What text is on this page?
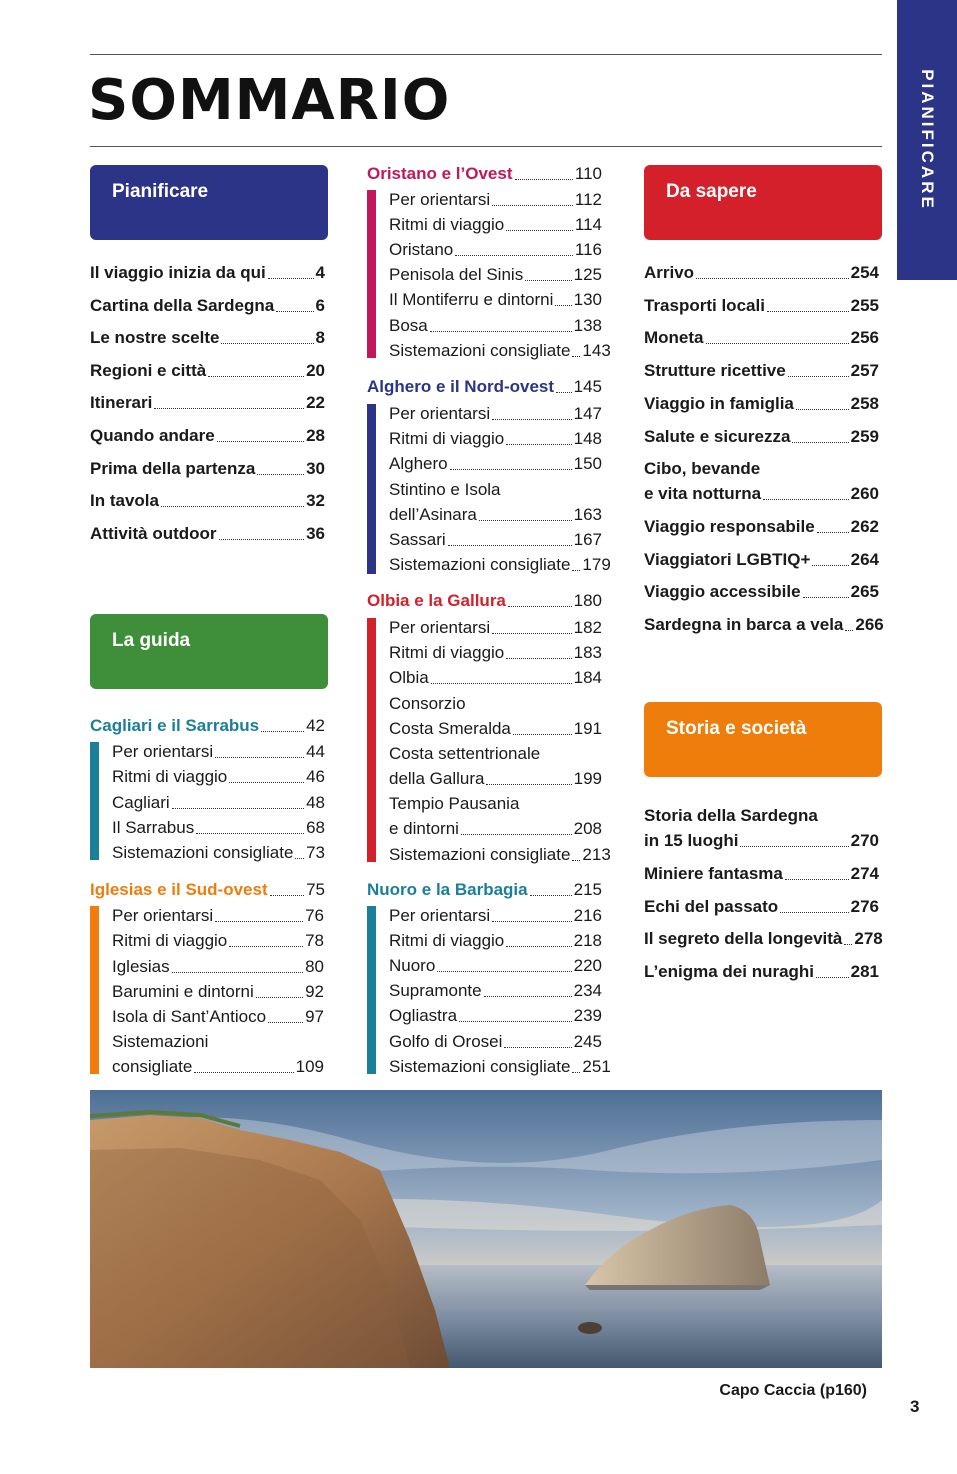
SOMMARIO	PIANIFICARE
Pianificare
Il viaggio inizia da qui	4
Cartina della Sardegna 6
Le nostre scelte	8
Regioni e città	20
Itinerari	22
Quando andare	28
Prima della partenza	30
In tavola	32
Attività outdoor	36
La guida
Cagliari e il Sarrabus	42
Per orientarsi	44
Ritmi di viaggio	46
Cagliari	48
Il Sarrabus	68
Sistemazioni consigliate 73
Iglesias e il Sud-ovest 75
Per orientarsi	76
Ritmi di viaggio	78
Iglesias	80
Barumini e dintorni	92
Isola di Sant’Antioco 97
Sistemazioni
consigliate	109
Oristano e l’Ovest	110
Per orientarsi	112
Ritmi di viaggio	114
Oristano	116
Penisola del Sinis	125
Il Montiferru e dintorni 130
Bosa	138
Sistemazioni consigliate 143
Alghero e il Nord-ovest 145
Per orientarsi	147
Ritmi di viaggio	148
Alghero	150
Stintino e Isola
dell’Asinara	163
Sassari	167
Sistemazioni consigliate 179
Olbia e la Gallura	180
Per orientarsi	182
Ritmi di viaggio	183
Olbia	184
Consorzio
Costa Smeralda	191
Costa settentrionale
della Gallura	199
Tempio Pausania
e dintorni	208
Sistemazioni consigliate 213
Nuoro e la Barbagia	215
Per orientarsi	216
Ritmi di viaggio	218
Nuoro	220
Supramonte	234
Ogliastra	239
Golfo di Orosei	245
Sistemazioni consigliate 251
Da sapere
Arrivo	254
Trasporti locali	255
Moneta	256
Strutture ricettive	257
Viaggio in famiglia	258
Salute e sicurezza	259
Cibo, bevande
e vita notturna	260
Viaggio responsabile 262
Viaggiatori LGBTIQ+ 264
Viaggio accessibile	265
Sardegna in barca a vela 266
Storia e società
Storia della Sardegna
in 15 luoghi	270
Miniere fantasma	274
Echi del passato	276
Il segreto della longevità 278
L’enigma dei nuraghi 281
Capo Caccia (p160)
3
